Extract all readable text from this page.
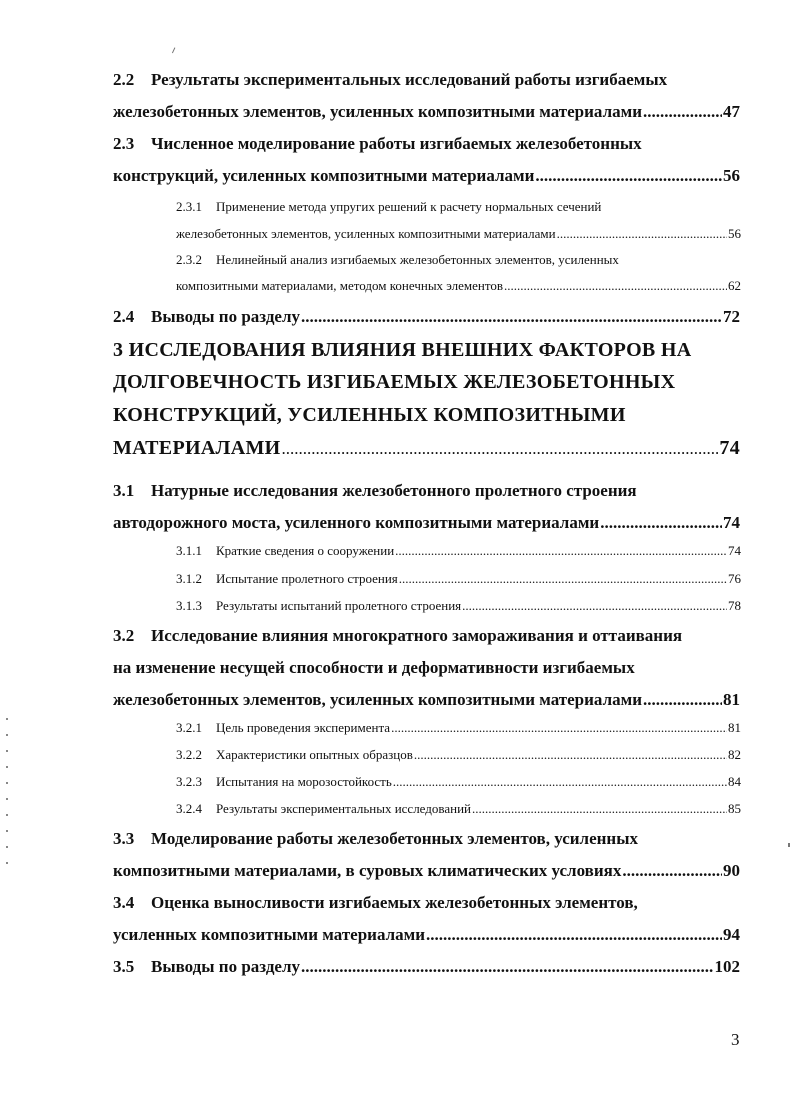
2.2 Результаты экспериментальных исследований работы изгибаемых
железобетонных элементов, усиленных композитными материалами .....	47
2.3 Численное моделирование работы изгибаемых железобетонных
конструкций, усиленных композитными материалами .....	56
2.3.1	Применение метода упругих решений к расчету нормальных сечений
железобетонных элементов, усиленных композитными материалами .....	56
2.3.2	Нелинейный анализ изгибаемых железобетонных элементов, усиленных
композитными материалами, методом конечных элементов .....	62
2.4 Выводы по разделу .....	72
3 ИССЛЕДОВАНИЯ ВЛИЯНИЯ ВНЕШНИХ ФАКТОРОВ НА
ДОЛГОВЕЧНОСТЬ ИЗГИБАЕМЫХ ЖЕЛЕЗОБЕТОННЫХ
КОНСТРУКЦИЙ, УСИЛЕННЫХ КОМПОЗИТНЫМИ
МАТЕРИАЛАМИ .....	74
3.1 Натурные исследования железобетонного пролетного строения
автодорожного моста, усиленного композитными материалами .....	74
3.1.1	Краткие сведения о сооружении .....	74
3.1.2	Испытание пролетного строения .....	76
3.1.3	Результаты испытаний пролетного строения .....	78
3.2 Исследование влияния многократного замораживания и оттаивания
на изменение несущей способности и деформативности изгибаемых
железобетонных элементов, усиленных композитными материалами .....	81
3.2.1	Цель проведения эксперимента .....	81
3.2.2	Характеристики опытных образцов .....	82
3.2.3	Испытания на морозостойкость .....	84
3.2.4	Результаты экспериментальных исследований .....	85
3.3 Моделирование работы железобетонных элементов, усиленных
композитными материалами, в суровых климатических условиях .....	90
3.4 Оценка выносливости изгибаемых железобетонных элементов,
усиленных композитными материалами .....	94
3.5 Выводы по разделу .....	102
3
